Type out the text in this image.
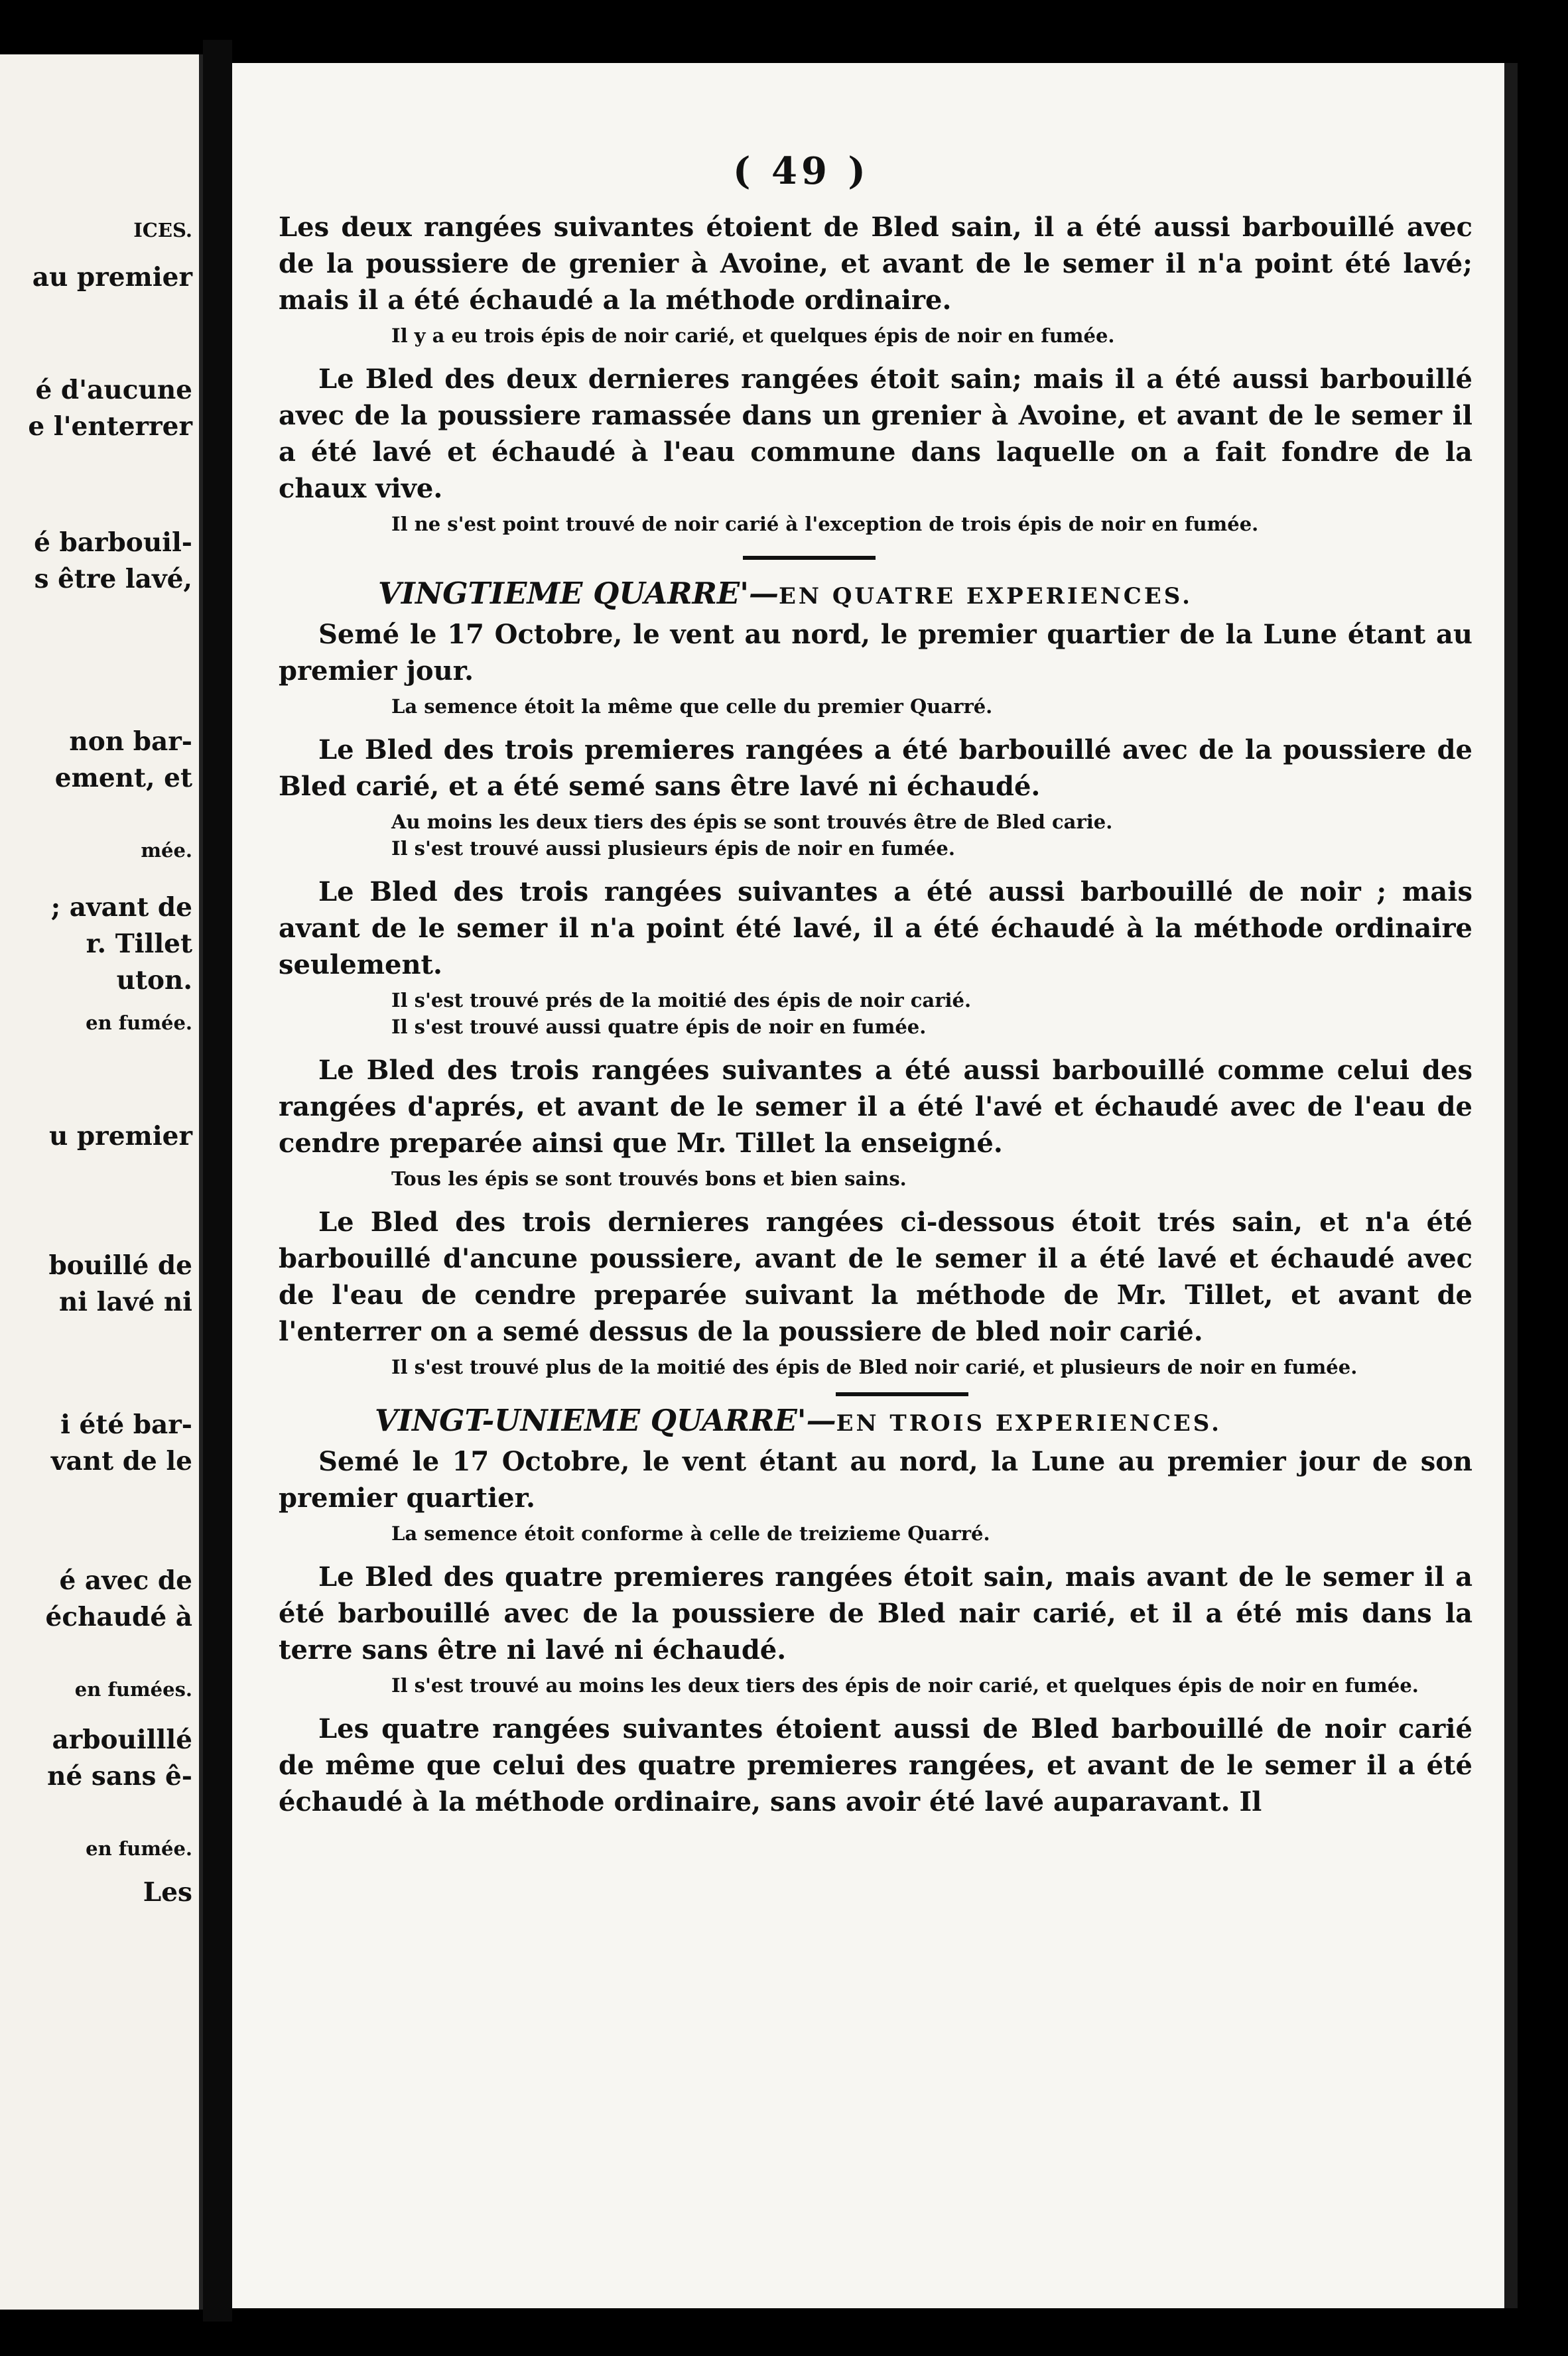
ICES.
au premier
é d'aucune
e l'enterrer
é barbouil-
s être lavé,
non bar-
ement, et
mée.
; avant de
r. Tillet
uton.
en fumée.
u premier
bouillé de
ni lavé ni
i été bar-
vant de le
é avec de
échaudé à
en fumées.
arbouilllé
né sans ê-
en fumée.
Les
( 49 )

Les deux rangées suivantes étoient de Bled sain, il a été aussi barbouillé avec de la poussiere de grenier à Avoine, et avant de le semer il n'a point été lavé; mais il a été échaudé a la méthode ordinaire.

Il y a eu trois épis de noir carié, et quelques épis de noir en fumée.

Le Bled des deux dernieres rangées étoit sain; mais il a été aussi barbouillé avec de la poussiere ramassée dans un grenier à Avoine, et avant de le semer il a été lavé et échaudé à l'eau commune dans laquelle on a fait fondre de la chaux vive.

Il ne s'est point trouvé de noir carié à l'exception de trois épis de noir en fumée.
VINGTIEME QUARRE'—EN QUATRE EXPERIENCES.

Semé le 17 Octobre, le vent au nord, le premier quartier de la Lune étant au premier jour.

La semence étoit la même que celle du premier Quarré.

Le Bled des trois premieres rangées a été barbouillé avec de la poussiere de Bled carié, et a été semé sans être lavé ni échaudé.

Au moins les deux tiers des épis se sont trouvés être de Bled carie.
Il s'est trouvé aussi plusieurs épis de noir en fumée.

Le Bled des trois rangées suivantes a été aussi barbouillé de noir ; mais avant de le semer il n'a point été lavé, il a été échaudé à la méthode ordinaire seulement.

Il s'est trouvé prés de la moitié des épis de noir carié.
Il s'est trouvé aussi quatre épis de noir en fumée.

Le Bled des trois rangées suivantes a été aussi barbouillé comme celui des rangées d'aprés, et avant de le semer il a été l'avé et échaudé avec de l'eau de cendre preparée ainsi que Mr. Tillet la enseigné.

Tous les épis se sont trouvés bons et bien sains.

Le Bled des trois dernieres rangées ci-dessous étoit trés sain, et n'a été barbouillé d'ancune poussiere, avant de le semer il a été lavé et échaudé avec de l'eau de cendre preparée suivant la méthode de Mr. Tillet, et avant de l'enterrer on a semé dessus de la poussiere de bled noir carié.

Il s'est trouvé plus de la moitié des épis de Bled noir carié, et plusieurs de noir en fumée.
VINGT-UNIEME QUARRE'—EN TROIS EXPERIENCES.

Semé le 17 Octobre, le vent étant au nord, la Lune au premier jour de son premier quartier.

La semence étoit conforme à celle de treizieme Quarré.

Le Bled des quatre premieres rangées étoit sain, mais avant de le semer il a été barbouillé avec de la poussiere de Bled nair carié, et il a été mis dans la terre sans être ni lavé ni échaudé.

Il s'est trouvé au moins les deux tiers des épis de noir carié, et quelques épis de noir en fumée.

Les quatre rangées suivantes étoient aussi de Bled barbouillé de noir carié de même que celui des quatre premieres rangées, et avant de le semer il a été échaudé à la méthode ordinaire, sans avoir été lavé auparavant. Il
